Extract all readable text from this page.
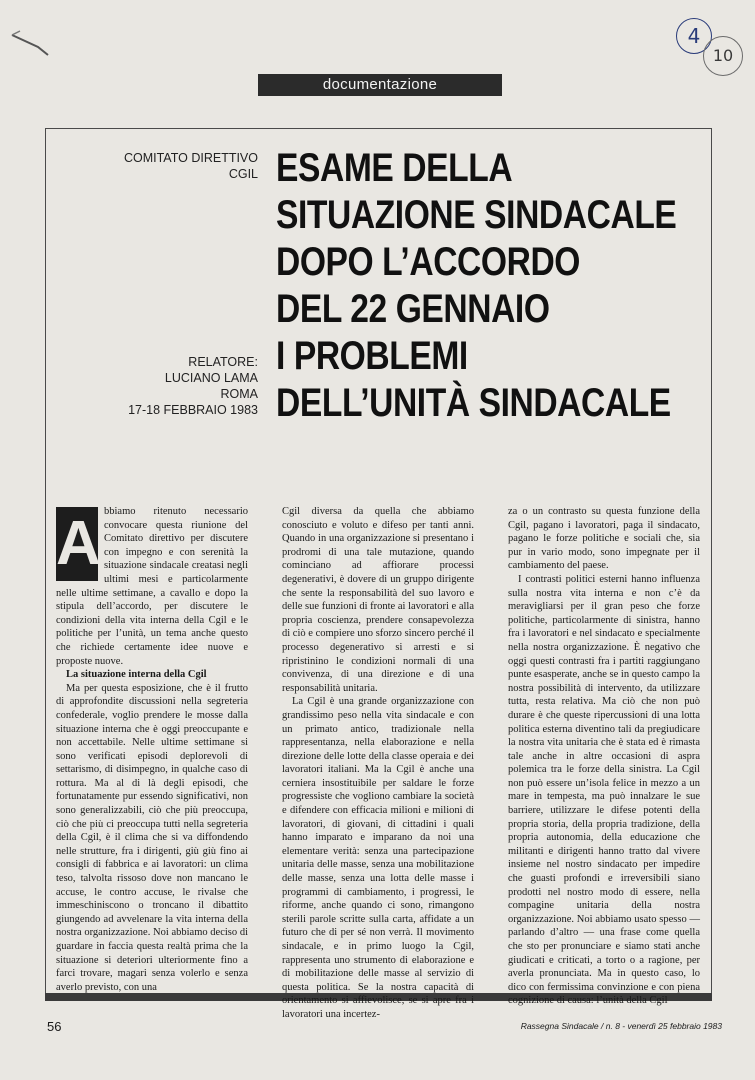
4
10
documentazione
COMITATO DIRETTIVO
CGIL
RELATORE:
LUCIANO LAMA
ROMA
17-18 FEBBRAIO 1983
ESAME DELLA
SITUAZIONE SINDACALE
DOPO L’ACCORDO
DEL 22 GENNAIO
I PROBLEMI
DELL’UNITÀ SINDACALE

A bbiamo ritenuto necessario convocare questa riunione del Comitato direttivo per discutere con impegno e con serenità la situazione sindacale creatasi negli ultimi mesi e particolarmente nelle ultime settimane, a cavallo e dopo la stipula dell’accordo, per discutere le condizioni della vita interna della Cgil e le politiche per l’unità, un tema anche questo che richiede certamente idee nuove e proposte nuove.

La situazione interna della Cgil

Ma per questa esposizione, che è il frutto di approfondite discussioni nella segreteria confederale, voglio prendere le mosse dalla situazione interna che è oggi preoccupante e non accettabile. Nelle ultime settimane si sono verificati episodi deplorevoli di settarismo, di disimpegno, in qualche caso di rottura. Ma al di là degli episodi, che fortunatamente pur essendo significativi, non sono generalizzabili, ciò che più preoccupa, ciò che più ci preoccupa tutti nella segreteria della Cgil, è il clima che si va diffondendo nelle strutture, fra i dirigenti, giù giù fino ai consigli di fabbrica e ai lavoratori: un clima teso, talvolta rissoso dove non mancano le accuse, le contro accuse, le rivalse che immeschiniscono o troncano il dibattito giungendo ad avvelenare la vita interna della nostra organizzazione. Noi abbiamo deciso di guardare in faccia questa realtà prima che la situazione si deteriori ulteriormente fino a farci trovare, magari senza volerlo e senza averlo previsto, con una

Cgil diversa da quella che abbiamo conosciuto e voluto e difeso per tanti anni. Quando in una organizzazione si presentano i prodromi di una tale mutazione, quando cominciano ad affiorare processi degenerativi, è dovere di un gruppo dirigente che sente la responsabilità del suo lavoro e delle sue funzioni di fronte ai lavoratori e alla propria coscienza, prendere consapevolezza di ciò e compiere uno sforzo sincero perché il processo degenerativo si arresti e si ripristinino le condizioni normali di una convivenza, di una direzione e di una responsabilità unitaria.

La Cgil è una grande organizzazione con grandissimo peso nella vita sindacale e con un primato antico, tradizionale nella rappresentanza, nella elaborazione e nella direzione delle lotte della classe operaia e dei lavoratori italiani. Ma la Cgil è anche una cerniera insostituibile per saldare le forze progressiste che vogliono cambiare la società e difendere con efficacia milioni e milioni di lavoratori, di giovani, di cittadini i quali hanno imparato e imparano da noi una elementare verità: senza una partecipazione unitaria delle masse, senza una mobilitazione delle masse, senza una lotta delle masse i programmi di cambiamento, i progressi, le riforme, anche quando ci sono, rimangono sterili parole scritte sulla carta, affidate a un futuro che di per sé non verrà. Il movimento sindacale, e in primo luogo la Cgil, rappresenta uno strumento di elaborazione e di mobilitazione delle masse al servizio di questa politica. Se la nostra capacità di orientamento si affievolisce, se si apre fra i lavoratori una incertez-

za o un contrasto su questa funzione della Cgil, pagano i lavoratori, paga il sindacato, pagano le forze politiche e sociali che, sia pur in vario modo, sono impegnate per il cambiamento del paese.

I contrasti politici esterni hanno influenza sulla nostra vita interna e non c’è da meravigliarsi per il gran peso che forze politiche, particolarmente di sinistra, hanno fra i lavoratori e nel sindacato e specialmente nella nostra organizzazione. È negativo che oggi questi contrasti fra i partiti raggiungano punte esasperate, anche se in questo campo la nostra possibilità di intervento, da utilizzare tutta, resta relativa. Ma ciò che non può durare è che queste ripercussioni di una lotta politica esterna diventino tali da pregiudicare la nostra vita unitaria che è stata ed è rimasta tale anche in altre occasioni di aspra polemica tra le forze della sinistra. La Cgil non può essere un’isola felice in mezzo a un mare in tempesta, ma può innalzare le sue barriere, utilizzare le difese potenti della propria storia, della propria tradizione, della propria autonomia, della educazione che militanti e dirigenti hanno tratto dal vivere insieme nel nostro sindacato per impedire che guasti profondi e irreversibili siano prodotti nel nostro modo di essere, nella compagine unitaria della nostra organizzazione. Noi abbiamo usato spesso — parlando d’altro — una frase come quella che sto per pronunciare e siamo stati anche giudicati e criticati, a torto o a ragione, per averla pronunciata. Ma in questo caso, lo dico con fermissima convinzione e con piena cognizione di causa: l’unità della Cgil

56	Rassegna Sindacale / n. 8 - venerdì 25 febbraio 1983
